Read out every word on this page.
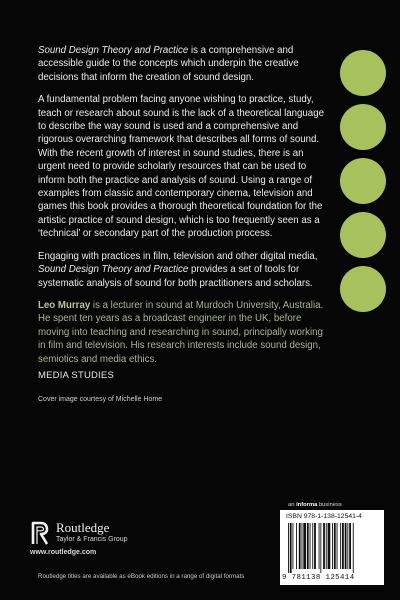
Sound Design Theory and Practice is a comprehensive and accessible guide to the concepts which underpin the creative decisions that inform the creation of sound design.

A fundamental problem facing anyone wishing to practice, study, teach or research about sound is the lack of a theoretical language to describe the way sound is used and a comprehensive and rigorous overarching framework that describes all forms of sound. With the recent growth of interest in sound studies, there is an urgent need to provide scholarly resources that can be used to inform both the practice and analysis of sound. Using a range of examples from classic and contemporary cinema, television and games this book provides a thorough theoretical foundation for the artistic practice of sound design, which is too frequently seen as a ‘technical’ or secondary part of the production process.

Engaging with practices in film, television and other digital media, Sound Design Theory and Practice provides a set of tools for systematic analysis of sound for both practitioners and scholars.

Leo Murray is a lecturer in sound at Murdoch University, Australia. He spent ten years as a broadcast engineer in the UK, before moving into teaching and researching in sound, principally working in film and television. His research interests include sound design, semiotics and media ethics.

MEDIA STUDIES
Cover image courtesy of Michelle Home
Routledge
Taylor & Francis Group
www.routledge.com
Routledge titles are available as eBook editions in a range of digital formats
an informa business
ISBN 978-1-138-12541-4
9 781138 125414
